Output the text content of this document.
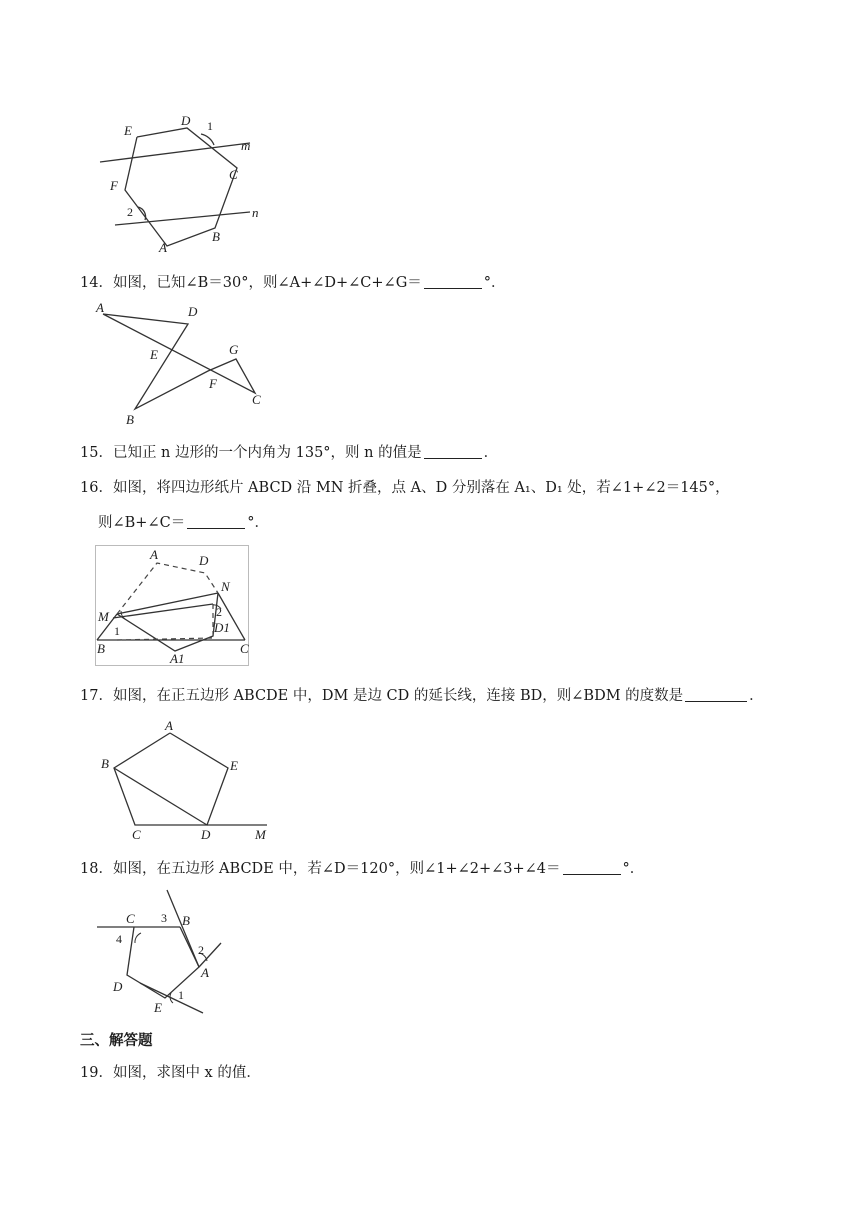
E
D 1
m
C
F
2	n
A
B
14．如图，已知∠B＝30°，则∠A+∠D+∠C+∠G＝	°．
A	D
E	G
F
C
B
15．已知正 n 边形的一个内角为 135°，则 n 的值是	．
16．如图，将四边形纸片 ABCD 沿 MN 折叠，点 A、D 分别落在 A₁、D₁ 处，若∠1+∠2＝145°，
则∠B+∠C＝	°．
A	D
N
M	2
1	D1
B
A1
C
17．如图，在正五边形 ABCDE 中，DM 是边 CD 的延长线，连接 BD，则∠BDM 的度数是	．
A
B	E
C	D	M
18．如图，在五边形 ABCDE 中，若∠D＝120°，则∠1+∠2+∠3+∠4＝	°．
C 3 B
4
2
A
D
E
1
三、解答题
19．如图，求图中 x 的值．
